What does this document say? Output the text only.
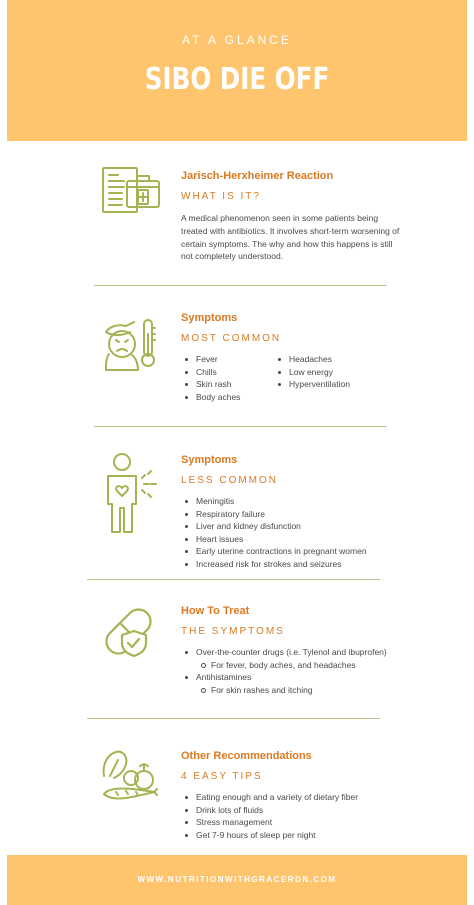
AT A GLANCE
SIBO DIE OFF
Jarisch-Herxheimer Reaction
WHAT IS IT?
A medical phenomenon seen in some patients being treated with antibiotics. It involves short-term worsening of certain symptoms. The why and how this happens is still not completely understood.
Symptoms
MOST COMMON
Fever
Chills
Skin rash
Body aches
Headaches
Low energy
Hyperventilation
Symptoms
LESS COMMON
Meningitis
Respiratory failure
Liver and kidney disfunction
Heart issues
Early uterine contractions in pregnant women
Increased risk for strokes and seizures
How To Treat
THE SYMPTOMS
Over-the-counter drugs (i.e. Tylenol and ibuprofen)
For fever, body aches, and headaches
Antihistamines
For skin rashes and itching
Other Recommendations
4 EASY TIPS
Eating enough and a variety of dietary fiber
Drink lots of fluids
Stress management
Get 7-9 hours of sleep per night
WWW.NUTRITIONWITHGRACERDN.COM
